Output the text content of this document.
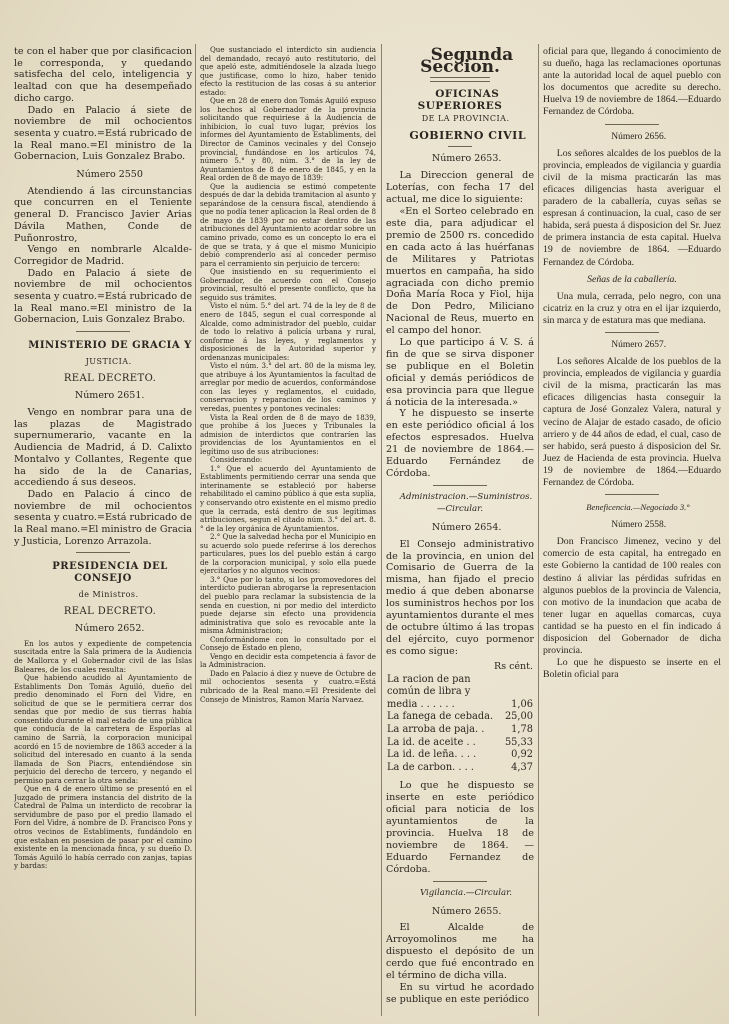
te con el haber que por clasificacion le corresponda, y quedando satisfecha del celo, inteligencia y lealtad con que ha desempeñado dicho cargo.

Dado en Palacio á siete de noviembre de mil ochocientos sesenta y cuatro.=Está rubricado de la Real mano.=El ministro de la Gobernacion, Luis Gonzalez Brabo.

Número 2550

Atendiendo á las circunstancias que concurren en el Teniente general D. Francisco Javier Arias Dávila Mathen, Conde de Puñonrostro,

Vengo en nombrarle Alcalde-Corregidor de Madrid.

Dado en Palacio á siete de noviembre de mil ochocientos sesenta y cuatro.=Está rubricado de la Real mano.=El ministro de la Gobernacion, Luis Gonzalez Brabo.

MINISTERIO DE GRACIA Y

JUSTICIA.

REAL DECRETO.

Número 2651.

Vengo en nombrar para una de las plazas de Magistrado supernumerario, vacante en la Audiencia de Madrid, á D. Calixto Montalvo y Collantes, Regente que ha sido de la de Canarias, accediendo á sus deseos.

Dado en Palacio á cinco de noviembre de mil ochocientos sesenta y cuatro.=Está rubricado de la Real mano.=El ministro de Gracia y Justicia, Lorenzo Arrazola.

PRESIDENCIA DEL CONSEJO

de Ministros.

REAL DECRETO.

Número 2652.

En los autos y expediente de competencia suscitada entre la Sala primera de la Audiencia de Mallorca y el Gobernador civil de las Islas Baleares, de los cuales resulta:

Que habiendo acudido al Ayuntamiento de Establiments Don Tomás Aguiló, dueño del predio denominado el Forn del Vidre, en solicitud de que se le permitiera cerrar dos sendas que por medio de sus tierras había consentido durante el mal estado de una pública que conducía de la carretera de Esporlas al camino de Sarrià, la corporacion municipal acordó en 15 de noviembre de 1863 acceder á la solicitud del interesado en cuanto á la senda llamada de Son Piacrs, entendiéndose sin perjuicio del derecho de tercero, y negando el permiso para cerrar la otra senda:

Que en 4 de enero último se presentó en el Juzgado de primera instancia del distrito de la Catedral de Palma un interdicto de recobrar la servidumbre de paso por el predio llamado el Forn del Vidre, á nombre de D. Francisco Pons y otros vecinos de Establiments, fundándolo en que estaban en posesion de pasar por el camino existente en la mencionada finca, y su dueño D. Tomás Aguiló lo había cerrado con zanjas, tapias y bardas:

Que sustanciado el interdicto sin audiencia del demandado, recayó auto restitutorio, del que apeló este, admitiéndosele la alzada luego que justificase, como lo hizo, haber tenido efecto la restitucion de las cosas á su anterior estado:

Que en 28 de enero don Tomás Aguiló expuso los hechos al Gobernador de la provincia solicitando que requiriese á la Audiencia de inhibicion, lo cual tuvo lugar, prévios los informes del Ayuntamiento de Establiments, del Director de Caminos vecinales y del Consejo provincial, fundándose en los artículos 74, número 5.° y 80, núm. 3.° de la ley de Ayuntamientos de 8 de enero de 1845, y en la Real orden de 8 de mayo de 1839:

Que la audiencia se estimó competente después de dar la debida tramitacion al asunto y separándose de la censura fiscal, atendiendo á que no podía tener aplicacion la Real orden de 8 de mayo de 1839 por no estar dentro de las atribuciones del Ayuntamiento acordar sobre un camino privado, como es un concepto lo era el de que se trata, y á que el mismo Municipio debió comprenderlo así al conceder permiso para el cerramiento sin perjuicio de tercero:

Que insistiendo en su requerimiento el Gobernador, de acuerdo con el Consejo provincial, resultó el presente conflicto, que ha seguido sus trámites.

Visto el núm. 5.° del art. 74 de la ley de 8 de enero de 1845, segun el cual corresponde al Alcalde, como administrador del pueblo, cuidar de todo lo relativo á policía urbana y rural, conforme á las leyes, y reglamentos y disposiciones de la Autoridad superior y ordenanzas municipales:

Visto el núm. 3.° del art. 80 de la misma ley, que atribuye á los Ayuntamientos la facultad de arreglar por medio de acuerdos, conformándose con las leyes y reglamentos, el cuidado, conservacion y reparacion de los caminos y veredas, puentes y pontones vecinales:

Vista la Real orden de 8 de mayo de 1839, que prohibe á los Jueces y Tribunales la admision de interdictos que contraríen las providencias de los Ayuntamientos en el legítimo uso de sus atribuciones:

Considerando:

1.° Que el acuerdo del Ayuntamiento de Establiments permitiendo cerrar una senda que interinamente se estableció por haberse rehabilitado el camino público á que esta suplía, y conservando otro existente en el mismo predio que la cerrada, está dentro de sus legítimas atribuciones, segun el citado núm. 3.° del art. 8.° de la ley orgánica de Ayuntamientos.

2.° Que la salvedad hecha por el Municipio en su acuerdo solo puede referirse á los derechos particulares, pues los del pueblo están á cargo de la corporacion municipal, y solo ella puede ejercitarlos y no algunos vecinos:

3.° Que por lo tanto, si los promovedores del interdicto pudieran abrogarse la representacion del pueblo para reclamar la subsistencia de la senda en cuestion, ni por medio del interdicto puede dejarse sin efecto una providencia administrativa que solo es revocable ante la misma Administracion;

Conformándome con lo consultado por el Consejo de Estado en pleno,

Vengo en decidir esta competencia á favor de la Administracion.

Dado en Palacio á diez y nueve de Octubre de mil ochocientos sesenta y cuatro.=Está rubricado de la Real mano.=El Presidente del Consejo de Ministros, Ramon María Narvaez.

Segunda Seccion.

OFICINAS SUPERIORES

DE LA PROVINCIA.

GOBIERNO CIVIL

Número 2653.

La Direccion general de Loterías, con fecha 17 del actual, me dice lo siguiente:

«En el Sorteo celebrado en este dia, para adjudicar el premio de 2500 rs. concedido en cada acto á las huérfanas de Militares y Patriotas muertos en campaña, ha sido agraciada con dicho premio Doña María Roca y Fiol, hija de Don Pedro, Miliciano Nacional de Reus, muerto en el campo del honor.

Lo que participo á V. S. á fin de que se sirva disponer se publique en el Boletin oficial y demás periódicos de esa provincia para que llegue á noticia de la interesada.»

Y he dispuesto se inserte en este periódico oficial á los efectos espresados. Huelva 21 de noviembre de 1864.—Eduardo Fernández de Córdoba.

Administracion.—Suministros.—Circular.

Número 2654.

El Consejo administrativo de la provincia, en union del Comisario de Guerra de la misma, han fijado el precio medio á que deben abonarse los suministros hechos por los ayuntamientos durante el mes de octubre último á las tropas del ejército, cuyo pormenor es como sigue:

Rs cént.	
La racion de pan común de libra y media . . . . . .	1,06
La fanega de cebada.	25,00
La arroba de paja. .	1,78
La id. de aceite . .	55,33
La id. de leña. . . .	0,92
La de carbon. . . .	4,37

Lo que he dispuesto se inserte en este periódico oficial para noticia de los ayuntamientos de la provincia. Huelva 18 de noviembre de 1864. —Eduardo Fernandez de Córdoba.

Vigilancia.—Circular.

Número 2655.

El Alcalde de Arroyomolinos me ha dispuesto el depósito de un cerdo que fué encontrado en el término de dicha villa.

En su virtud he acordado se publique en este periódico

oficial para que, llegando á conocimiento de su dueño, haga las reclamaciones oportunas ante la autoridad local de aquel pueblo con los documentos que acredite su derecho. Huelva 19 de noviembre de 1864.—Eduardo Fernandez de Córdoba.

Número 2656.

Los señores alcaldes de los pueblos de la provincia, empleados de vigilancia y guardia civil de la misma practicarán las mas eficaces diligencias hasta averiguar el paradero de la caballería, cuyas señas se espresan á continuacion, la cual, caso de ser habida, será puesta á disposicion del Sr. Juez de primera instancia de esta capital. Huelva 19 de noviembre de 1864. —Eduardo Fernandez de Córdoba.

Señas de la caballería.

Una mula, cerrada, pelo negro, con una cicatriz en la cruz y otra en el ijar izquierdo, sin marca y de estatura mas que mediana.

Número 2657.

Los señores Alcalde de los pueblos de la provincia, empleados de vigilancia y guardia civil de la misma, practicarán las mas eficaces diligencias hasta conseguir la captura de José Gonzalez Valera, natural y vecino de Alajar de estado casado, de oficio arriero y de 44 años de edad, el cual, caso de ser habido, será puesto á disposicion del Sr. Juez de Hacienda de esta provincia. Huelva 19 de noviembre de 1864.—Eduardo Fernandez de Córdoba.

Beneficencia.—Negociado 3.°

Número 2558.

Don Francisco Jimenez, vecino y del comercio de esta capital, ha entregado en este Gobierno la cantidad de 100 reales con destino á aliviar las pérdidas sufridas en algunos pueblos de la provincia de Valencia, con motivo de la inundacion que acaba de tener lugar en aquellas comarcas, cuya cantidad se ha puesto en el fin indicado á disposicion del Gobernador de dicha provincia.

Lo que he dispuesto se inserte en el Boletin oficial para
